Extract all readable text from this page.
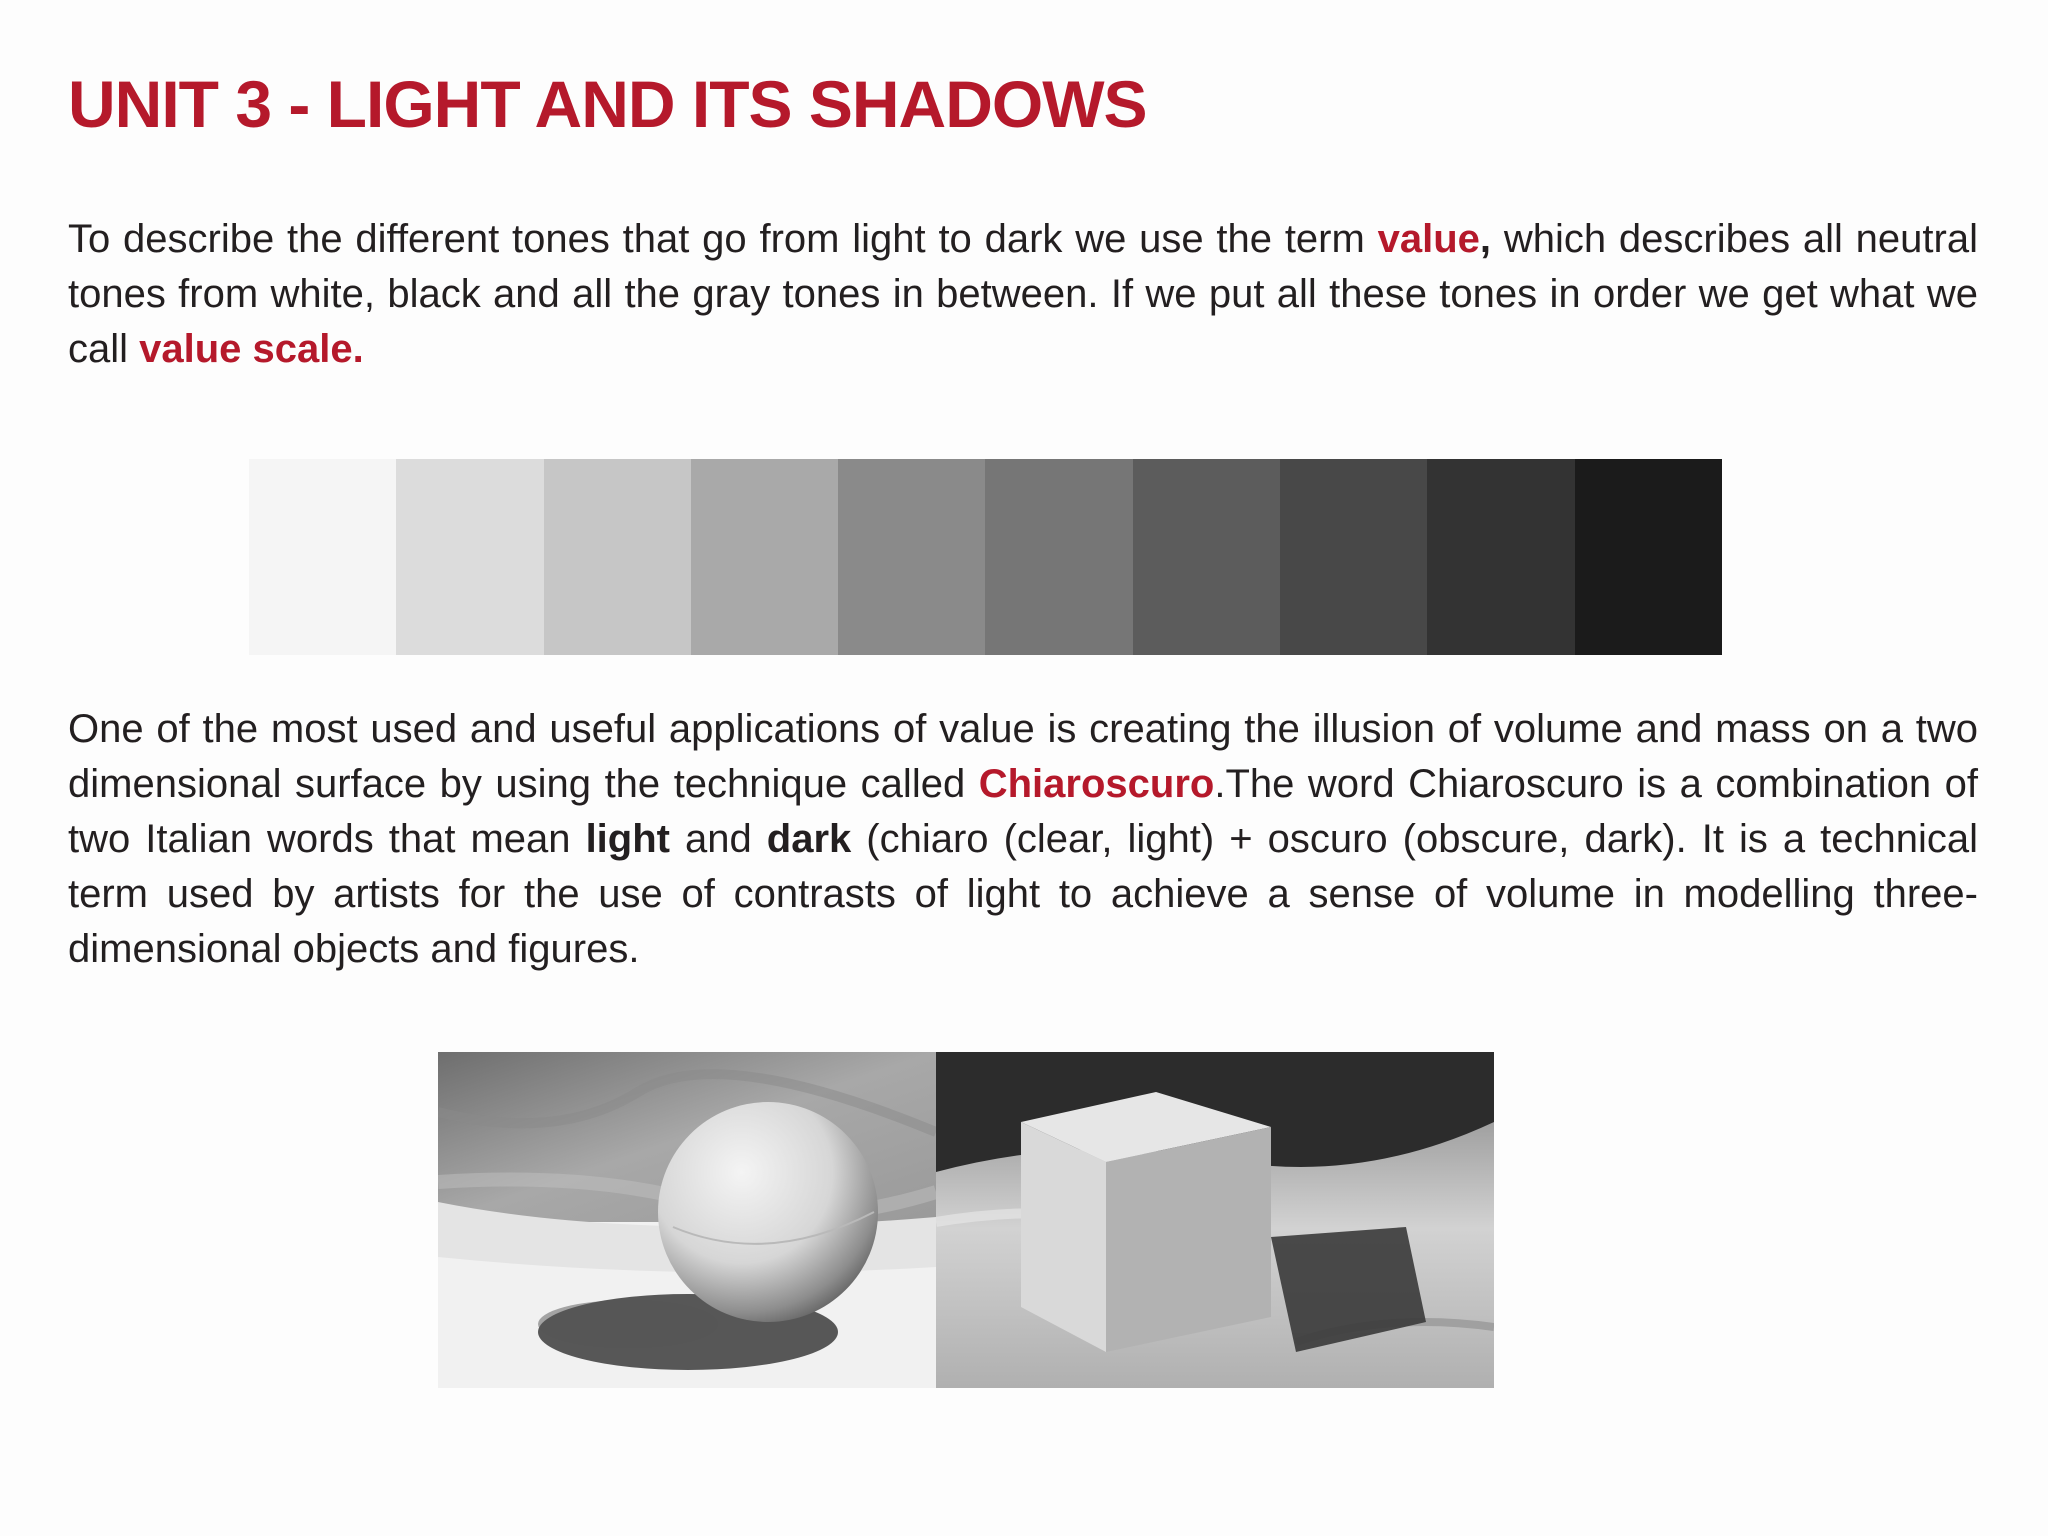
UNIT 3 - LIGHT AND ITS SHADOWS

To describe the different tones that go from light to dark we use the term value, which describes all neutral tones from white, black and all the gray tones in between. If we put all these tones in order we get what we call value scale.

One of the most used and useful applications of value is creating the illusion of volume and mass on a two dimensional surface by using the technique called Chiaroscuro.The word Chiaroscuro is a combination of two Italian words that mean light and dark (chiaro (clear, light) + oscuro (obscure, dark). It is a technical term used by artists for the use of contrasts of light to achieve a sense of volume in modelling three-dimensional objects and figures.
